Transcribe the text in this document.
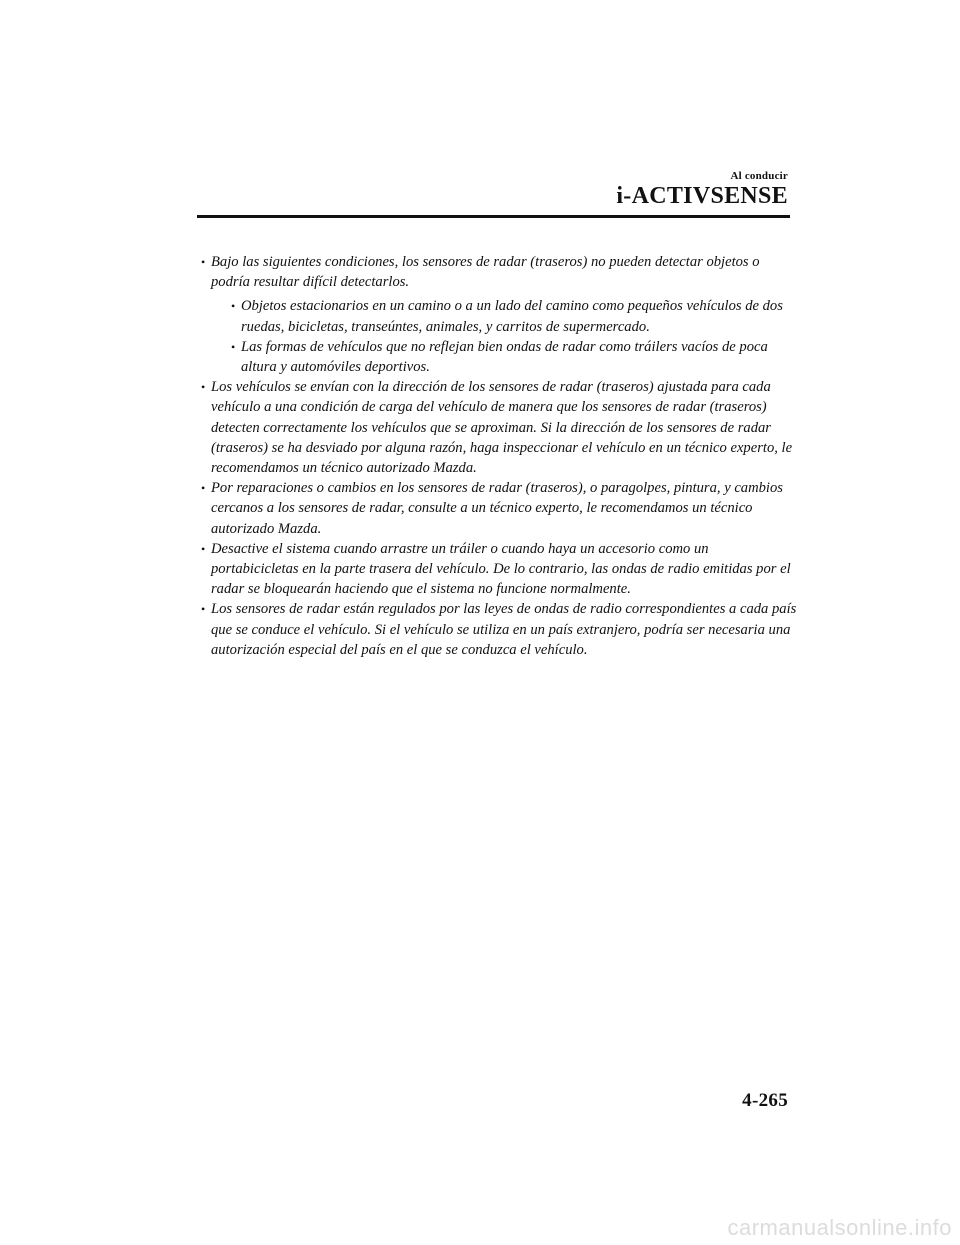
Al conducir
i-ACTIVSENSE
• Bajo las siguientes condiciones, los sensores de radar (traseros) no pueden detectar objetos o podría resultar difícil detectarlos.
• Objetos estacionarios en un camino o a un lado del camino como pequeños vehículos de dos ruedas, bicicletas, transeúntes, animales, y carritos de supermercado.
• Las formas de vehículos que no reflejan bien ondas de radar como tráilers vacíos de poca altura y automóviles deportivos.
• Los vehículos se envían con la dirección de los sensores de radar (traseros) ajustada para cada vehículo a una condición de carga del vehículo de manera que los sensores de radar (traseros) detecten correctamente los vehículos que se aproximan. Si la dirección de los sensores de radar (traseros) se ha desviado por alguna razón, haga inspeccionar el vehículo en un técnico experto, le recomendamos un técnico autorizado Mazda.
• Por reparaciones o cambios en los sensores de radar (traseros), o paragolpes, pintura, y cambios cercanos a los sensores de radar, consulte a un técnico experto, le recomendamos un técnico autorizado Mazda.
• Desactive el sistema cuando arrastre un tráiler o cuando haya un accesorio como un portabicicletas en la parte trasera del vehículo. De lo contrario, las ondas de radio emitidas por el radar se bloquearán haciendo que el sistema no funcione normalmente.
• Los sensores de radar están regulados por las leyes de ondas de radio correspondientes a cada país que se conduce el vehículo. Si el vehículo se utiliza en un país extranjero, podría ser necesaria una autorización especial del país en el que se conduzca el vehículo.
4-265
carmanualsonline.info
